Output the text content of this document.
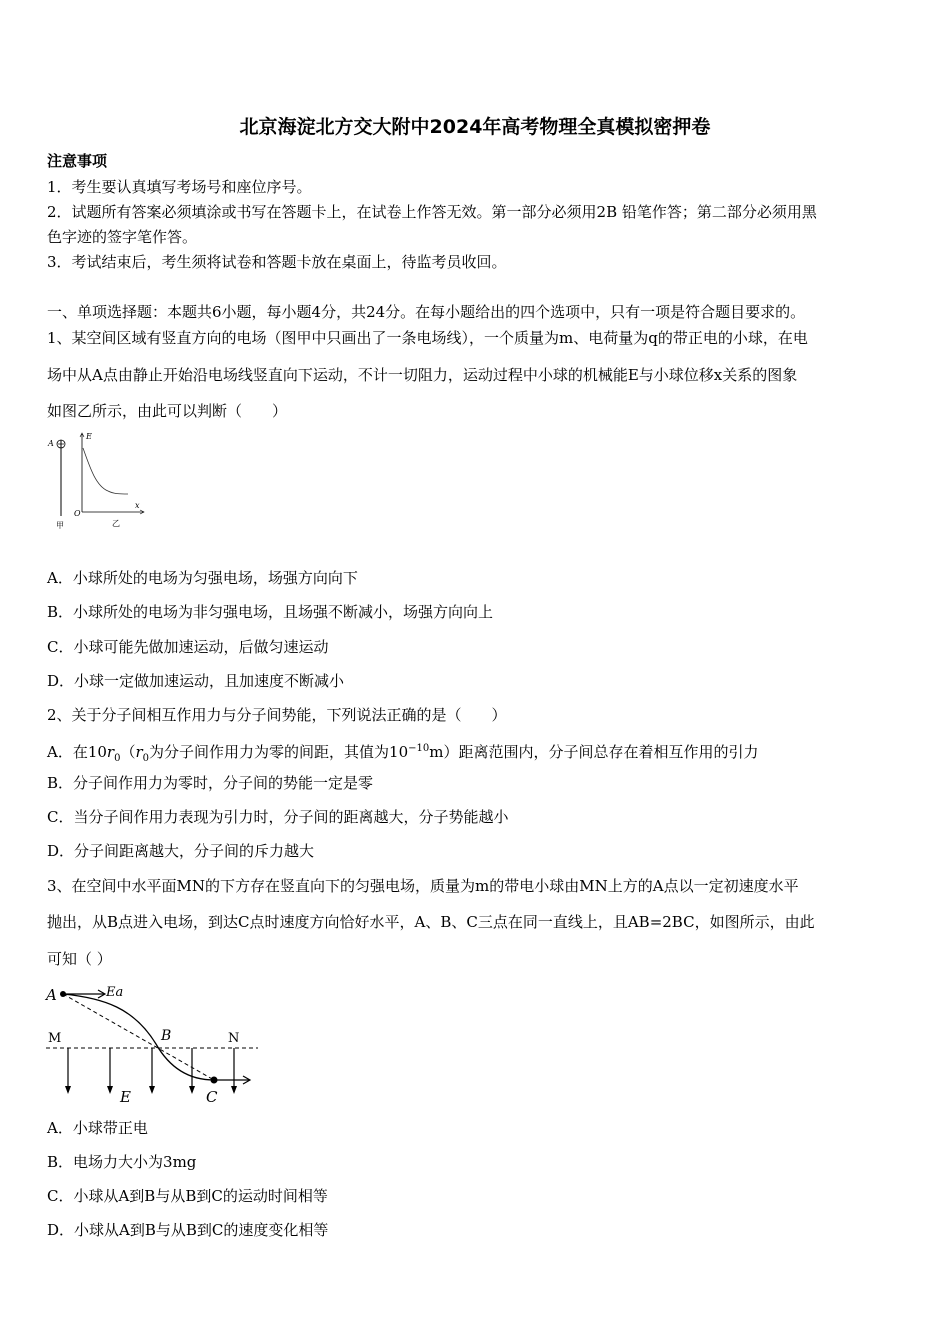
北京海淀北方交大附中2024年高考物理全真模拟密押卷
注意事项
1．考生要认真填写考场号和座位序号。
2．试题所有答案必须填涂或书写在答题卡上，在试卷上作答无效。第一部分必须用2B 铅笔作答；第二部分必须用黑
色字迹的签字笔作答。
3．考试结束后，考生须将试卷和答题卡放在桌面上，待监考员收回。
一、单项选择题：本题共6小题，每小题4分，共24分。在每小题给出的四个选项中，只有一项是符合题目要求的。
1、某空间区域有竖直方向的电场（图甲中只画出了一条电场线），一个质量为m、电荷量为q的带正电的小球，在电
场中从A点由静止开始沿电场线竖直向下运动，不计一切阻力，运动过程中小球的机械能E与小球位移x关系的图象
如图乙所示，由此可以判断（　　）
A
甲
E
O
x
乙
A．小球所处的电场为匀强电场，场强方向向下
B．小球所处的电场为非匀强电场，且场强不断减小，场强方向向上
C．小球可能先做加速运动，后做匀速运动
D．小球一定做加速运动，且加速度不断减小
2、关于分子间相互作用力与分子间势能，下列说法正确的是（　　）
A．在$10r_0(r_0$为分子间作用力为零的间距，其值为$10^{-10}m$）距离范围内，分子间总存在着相互作用的引力
B．分子间作用力为零时，分子间的势能一定是零
C．当分子间作用力表现为引力时，分子间的距离越大，分子势能越小
D．分子间距离越大，分子间的斥力越大
3、在空间中水平面MN的下方存在竖直向下的匀强电场，质量为m的带电小球由MN上方的A点以一定初速度水平
抛出，从B点进入电场，到达C点时速度方向恰好水平，A、B、C三点在同一直线上，且AB=2BC，如图所示，由此
可知（ ）
A	Ea
M	B	N
E	C
A．小球带正电
B．电场力大小为3mg
C．小球从A到B与从B到C的运动时间相等
D．小球从A到B与从B到C的速度变化相等
